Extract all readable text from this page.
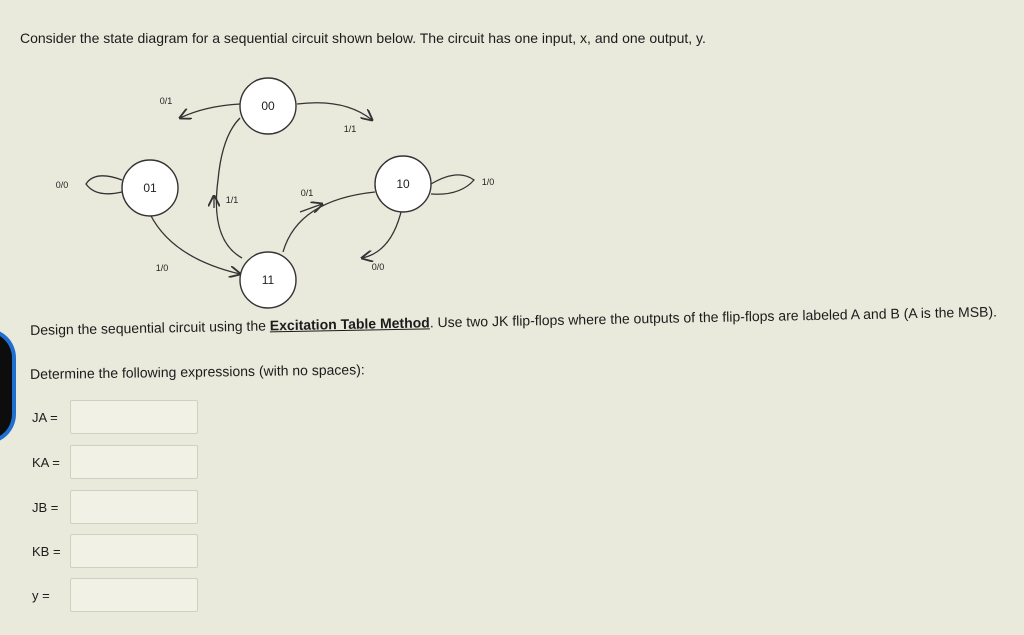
Consider the state diagram for a sequential circuit shown below. The circuit has one input, x, and one output, y.
00
01	10
11
0/1
1/1
1/0
0/0
0/1
1/1
1/0
0/0
Design the sequential circuit using the Excitation Table Method. Use two JK flip-flops where the outputs of the flip-flops are labeled A and B (A is the MSB).
Determine the following expressions (with no spaces):
JA =
KA =
JB =
KB =
y =
